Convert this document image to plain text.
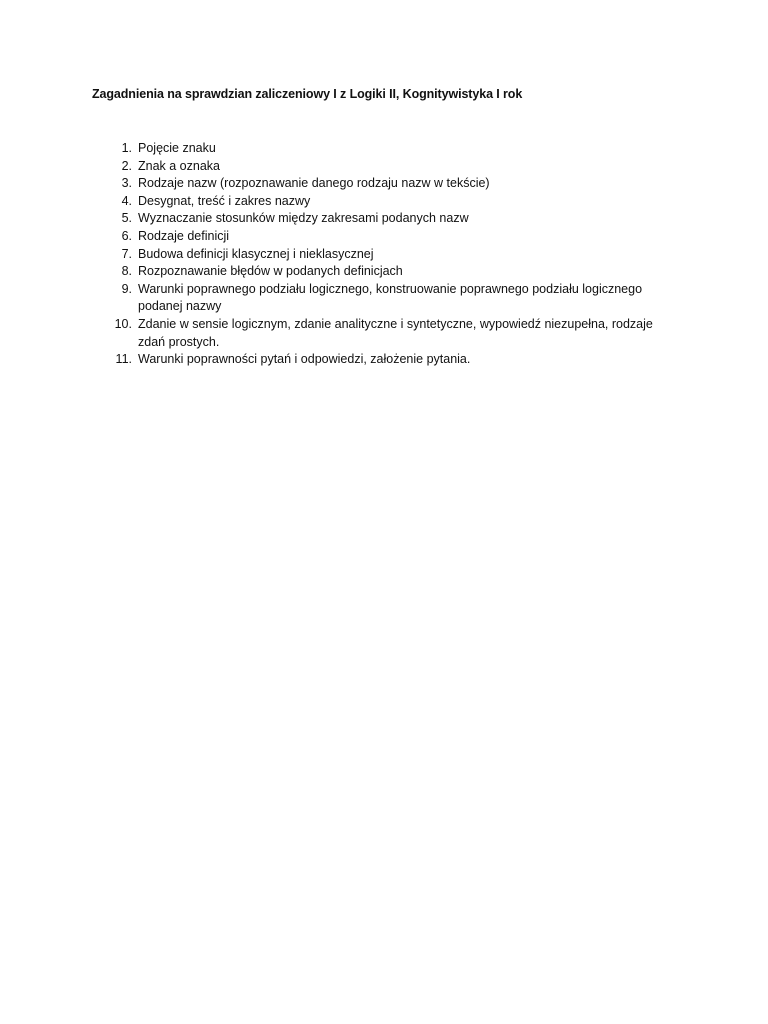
Zagadnienia na sprawdzian zaliczeniowy I z Logiki II, Kognitywistyka I rok
1. Pojęcie znaku
2. Znak a oznaka
3. Rodzaje nazw (rozpoznawanie danego rodzaju nazw w tekście)
4. Desygnat, treść i zakres nazwy
5. Wyznaczanie stosunków między zakresami podanych nazw
6. Rodzaje definicji
7. Budowa definicji klasycznej i nieklasycznej
8. Rozpoznawanie błędów w podanych definicjach
9. Warunki poprawnego podziału logicznego, konstruowanie poprawnego podziału logicznego podanej nazwy
10. Zdanie w sensie logicznym, zdanie analityczne i syntetyczne, wypowiedź niezupełna, rodzaje zdań prostych.
11. Warunki poprawności pytań i odpowiedzi, założenie pytania.
